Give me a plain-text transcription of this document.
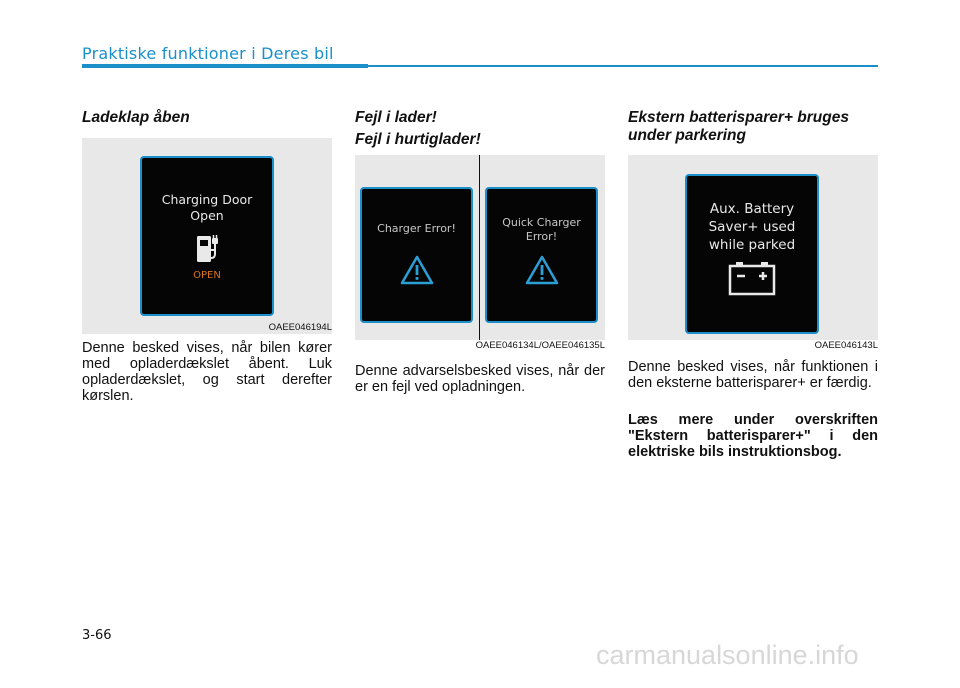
Praktiske funktioner i Deres bil
Ladeklap åben
Charging Door
Open
OPEN
OAEE046194L
Denne besked vises, når bilen kører med opladerdækslet åbent. Luk opladerdækslet, og start derefter kørslen.
Fejl i lader!
Fejl i hurtiglader!
Charger Error!	Quick Charger
Error!
OAEE046134L/OAEE046135L
Denne advarselsbesked vises, når der er en fejl ved opladningen.
Ekstern batterisparer+ bruges
under parkering
Aux. Battery
Saver+ used
while parked
OAEE046143L
Denne besked vises, når funktionen i den eksterne batterisparer+ er færdig.
Læs mere under overskriften "Ekstern batterisparer+" i den elektriske bils instruktionsbog.
3-66
carmanualsonline.info
